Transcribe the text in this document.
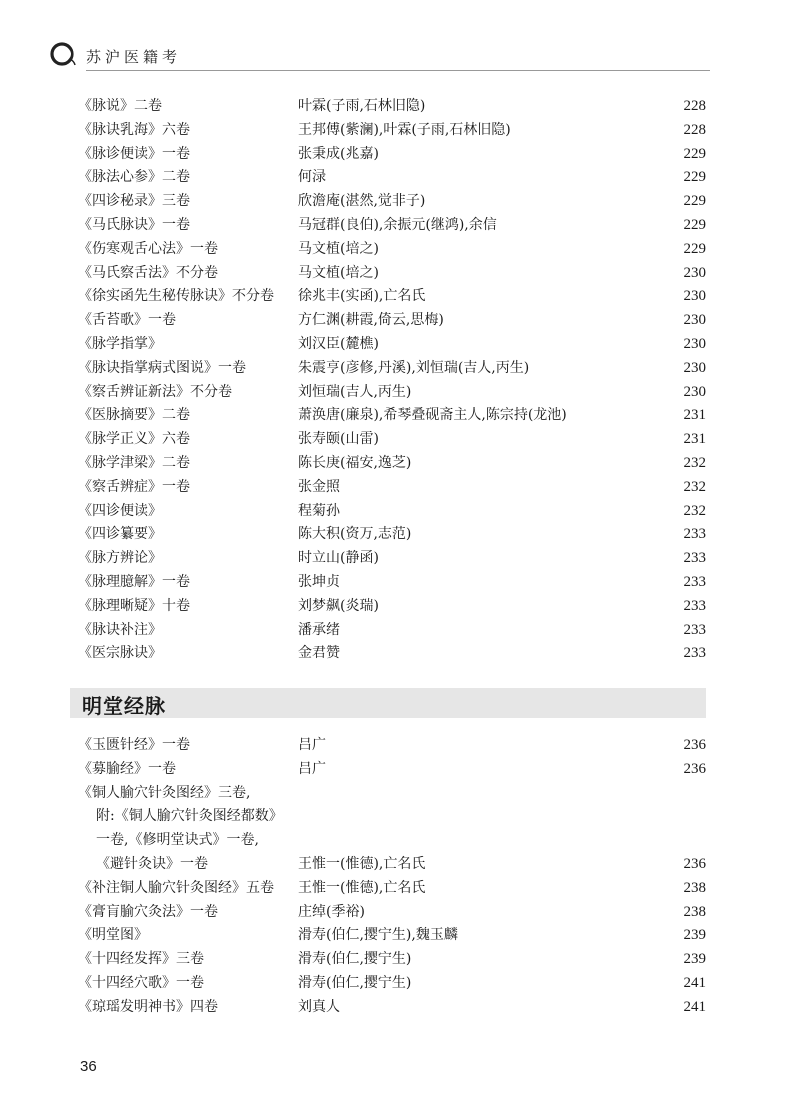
苏沪医籍考
《脉说》二卷	叶霖(子雨,石林旧隐)	228
《脉诀乳海》六卷	王邦傅(紫澜),叶霖(子雨,石林旧隐)	228
《脉诊便读》一卷	张秉成(兆嘉)	229
《脉法心参》二卷	何渌	229
《四诊秘录》三卷	欣澹庵(湛然,觉非子)	229
《马氏脉诀》一卷	马冠群(良伯),余振元(继鸿),余信	229
《伤寒观舌心法》一卷	马文植(培之)	229
《马氏察舌法》不分卷	马文植(培之)	230
《徐实函先生秘传脉诀》不分卷 徐兆丰(实函),亡名氏	230
《舌苔歌》一卷	方仁渊(耕霞,倚云,思梅)	230
《脉学指掌》	刘汉臣(麓樵)	230
《脉诀指掌病式图说》一卷	朱震亨(彦修,丹溪),刘恒瑞(吉人,丙生)	230
《察舌辨证新法》不分卷	刘恒瑞(吉人,丙生)	230
《医脉摘要》二卷	萧涣唐(廉泉),希琴叠砚斋主人,陈宗持(龙池)	231
《脉学正义》六卷	张寿颐(山雷)	231
《脉学津梁》二卷	陈长庚(福安,逸芝)	232
《察舌辨症》一卷	张金照	232
《四诊便读》	程菊孙	232
《四诊纂要》	陈大积(资万,志范)	233
《脉方辨论》	时立山(静函)	233
《脉理臆解》一卷	张坤贞	233
《脉理晰疑》十卷	刘梦飙(炎瑞)	233
《脉诀补注》	潘承绪	233
《医宗脉诀》	金君赞	233
明堂经脉
《玉匮针经》一卷	吕广	236
《募腧经》一卷	吕广	236
《铜人腧穴针灸图经》三卷,
附:《铜人腧穴针灸图经都数》
一卷,《修明堂诀式》一卷,
《避针灸诀》一卷	王惟一(惟德),亡名氏	236
《补注铜人腧穴针灸图经》五卷 王惟一(惟德),亡名氏	238
《膏肓腧穴灸法》一卷	庄绰(季裕)	238
《明堂图》	滑寿(伯仁,撄宁生),魏玉麟	239
《十四经发挥》三卷	滑寿(伯仁,撄宁生)	239
《十四经穴歌》一卷	滑寿(伯仁,撄宁生)	241
《琼瑶发明神书》四卷	刘真人	241
36
